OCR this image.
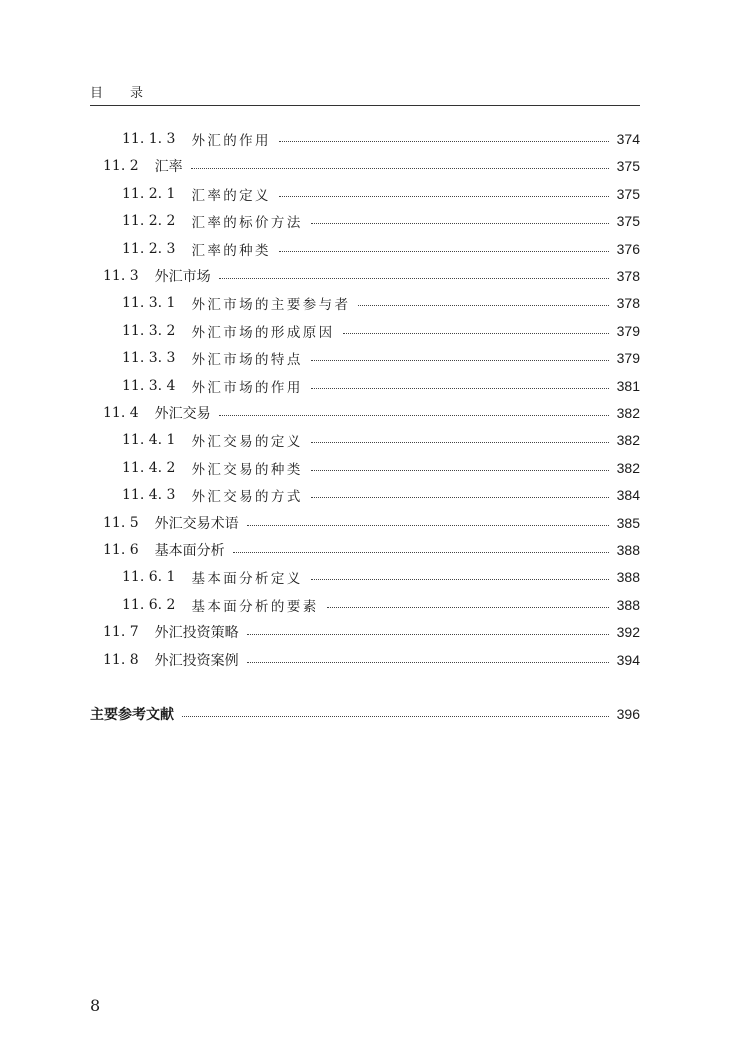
目 录
11. 1. 3 外汇的作用	374
11. 2 汇率	375
11. 2. 1 汇率的定义	375
11. 2. 2 汇率的标价方法	375
11. 2. 3 汇率的种类	376
11. 3 外汇市场	378
11. 3. 1 外汇市场的主要参与者	378
11. 3. 2 外汇市场的形成原因	379
11. 3. 3 外汇市场的特点	379
11. 3. 4 外汇市场的作用	381
11. 4 外汇交易	382
11. 4. 1 外汇交易的定义	382
11. 4. 2 外汇交易的种类	382
11. 4. 3 外汇交易的方式	384
11. 5 外汇交易术语	385
11. 6 基本面分析	388
11. 6. 1 基本面分析定义	388
11. 6. 2 基本面分析的要素	388
11. 7 外汇投资策略	392
11. 8 外汇投资案例	394
主要参考文献	396
8
